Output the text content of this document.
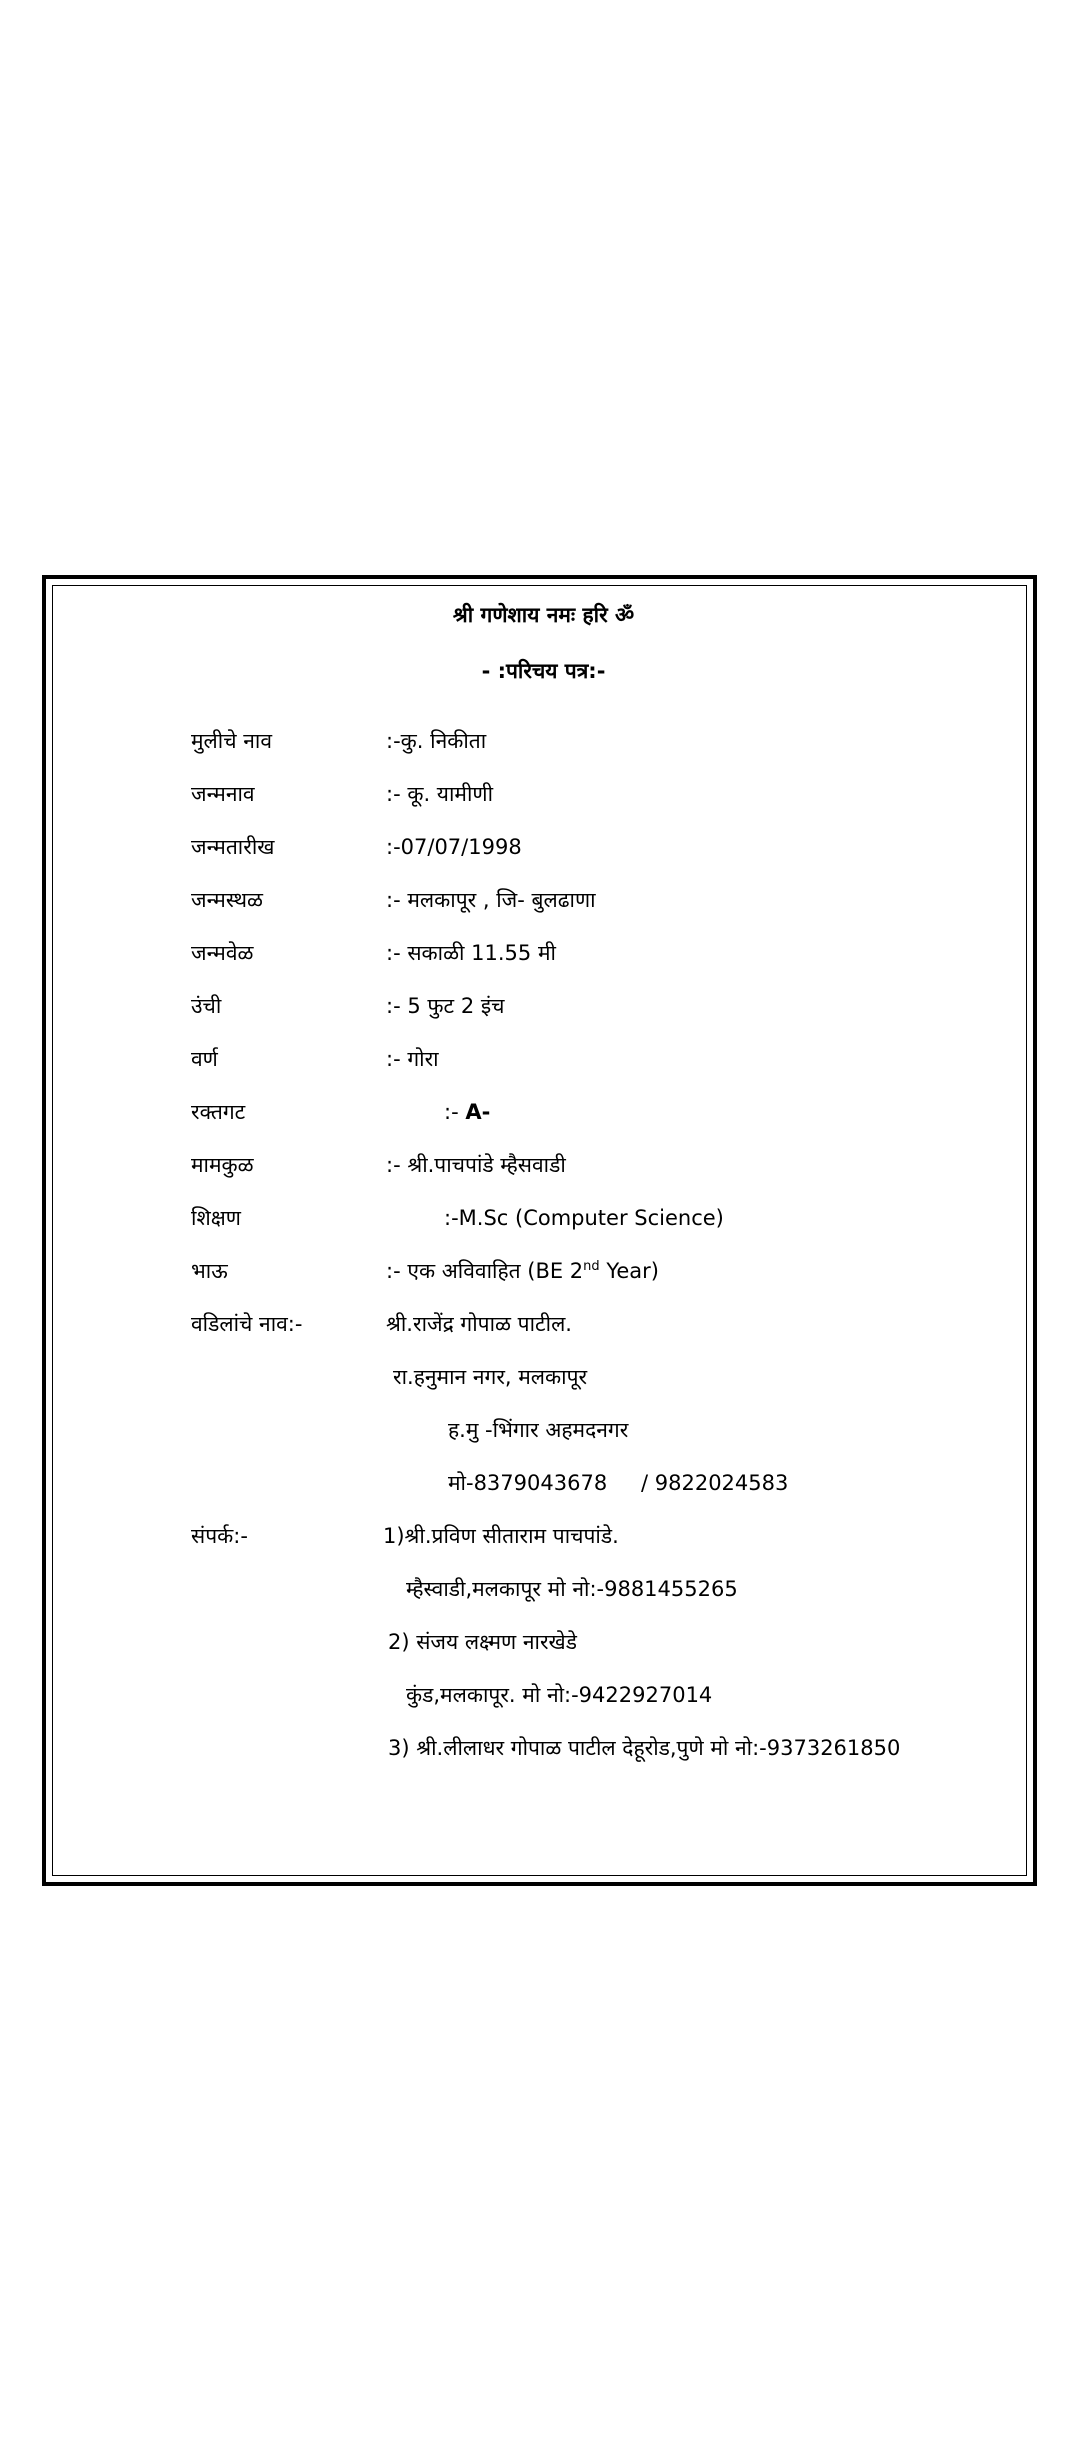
श्री गणेशाय नमः हरि ॐ
- :परिचय पत्र:-
मुलीचे नाव	:-कु. निकीता
जन्मनाव	:- कू. यामीणी
जन्मतारीख	:-07/07/1998
जन्मस्थळ	:- मलकापूर , जि- बुलढाणा
जन्मवेळ	:- सकाळी 11.55 मी
उंची	:- 5 फुट 2 इंच
वर्ण	:- गोरा
रक्तगट	:- A-
मामकुळ	:- श्री.पाचपांडे म्हैसवाडी
शिक्षण	:-M.Sc (Computer Science)
भाऊ	:- एक अविवाहित (BE 2nd Year)
वडिलांचे नाव:-	श्री.राजेंद्र गोपाळ पाटील.
रा.हनुमान नगर, मलकापूर
ह.मु -भिंगार अहमदनगर
मो-8379043678 / 9822024583
संपर्क:-	1)श्री.प्रविण सीताराम पाचपांडे.
म्हैस्वाडी,मलकापूर मो नो:-9881455265
2) संजय लक्ष्मण नारखेडे
कुंड,मलकापूर. मो नो:-9422927014
3) श्री.लीलाधर गोपाळ पाटील देहूरोड,पुणे मो नो:-9373261850
